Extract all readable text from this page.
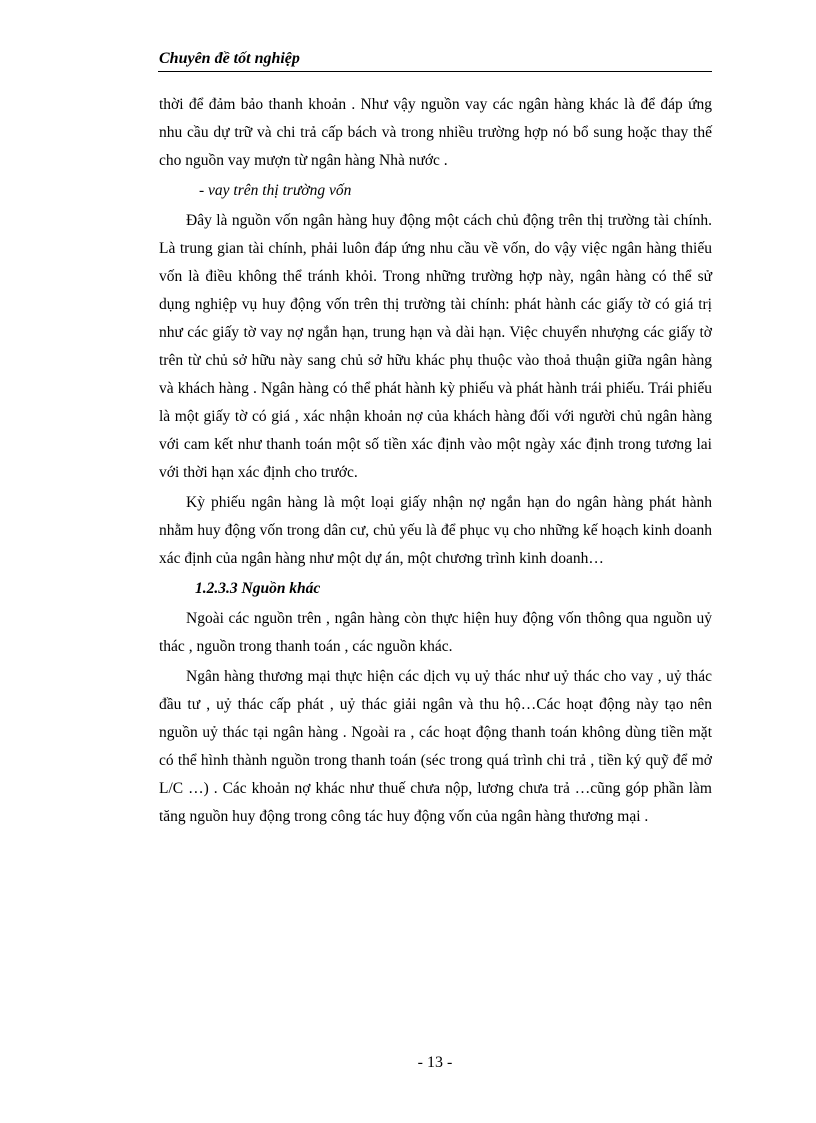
Chuyên đề tốt nghiệp

thời để đảm bảo thanh khoản . Như vậy nguồn vay các ngân hàng khác là để đáp ứng nhu cầu dự trữ và chi trả cấp bách và trong nhiều trường hợp nó bổ sung hoặc thay thế cho nguồn vay mượn từ ngân hàng Nhà nước .

- vay trên thị trường vốn

Đây là nguồn vốn ngân hàng huy động một cách chủ động trên thị trường tài chính. Là trung gian tài chính, phải luôn đáp ứng nhu cầu về vốn, do vậy việc ngân hàng thiếu vốn là điều không thể tránh khỏi. Trong những trường hợp này, ngân hàng có thể sử dụng nghiệp vụ huy động vốn trên thị trường tài chính: phát hành các giấy tờ có giá trị như các giấy tờ vay nợ ngắn hạn, trung hạn và dài hạn. Việc chuyển nhượng các giấy tờ trên từ chủ sở hữu này sang chủ sở hữu khác phụ thuộc vào thoả thuận giữa ngân hàng và khách hàng . Ngân hàng có thể phát hành kỳ phiếu và phát hành trái phiếu. Trái phiếu là một giấy tờ có giá , xác nhận khoản nợ của khách hàng đối với người chủ ngân hàng với cam kết như thanh toán một số tiền xác định vào một ngày xác định trong tương lai với thời hạn xác định cho trước.

Kỳ phiếu ngân hàng là một loại giấy nhận nợ ngắn hạn do ngân hàng phát hành nhằm huy động vốn trong dân cư, chủ yếu là để phục vụ cho những kế hoạch kinh doanh xác định của ngân hàng như một dự án, một chương trình kinh doanh…

1.2.3.3 Nguồn khác

Ngoài các nguồn trên , ngân hàng còn thực hiện huy động vốn thông qua nguồn uỷ thác , nguồn trong thanh toán , các nguồn khác.

Ngân hàng thương mại thực hiện các dịch vụ uỷ thác như uỷ thác cho vay , uỷ thác đầu tư , uỷ thác cấp phát , uỷ thác giải ngân và thu hộ…Các hoạt động này tạo nên nguồn uỷ thác tại ngân hàng . Ngoài ra , các hoạt động thanh toán không dùng tiền mặt có thể hình thành nguồn trong thanh toán (séc trong quá trình chi trả , tiền ký quỹ để mở L/C …) . Các khoản nợ khác như thuế chưa nộp, lương chưa trả …cũng góp phần làm tăng nguồn huy động trong công tác huy động vốn của ngân hàng thương mại .

- 13 -
